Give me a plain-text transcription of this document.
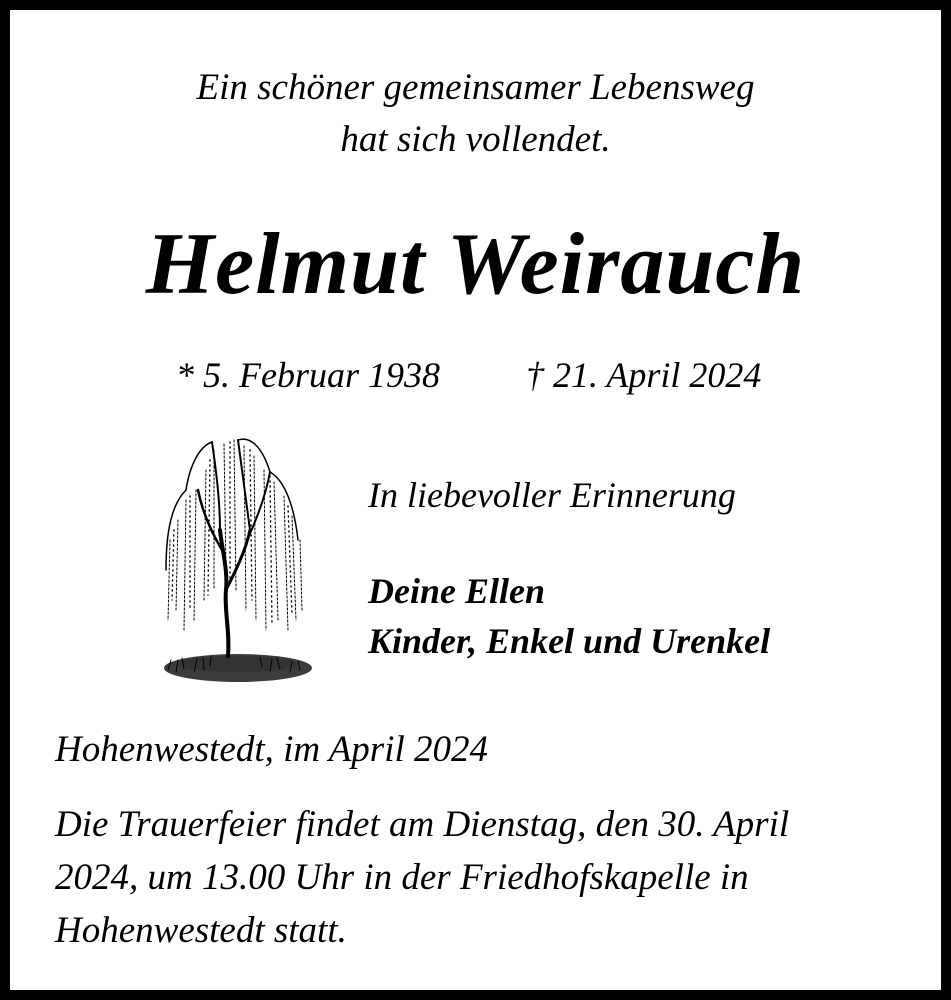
Ein schöner gemeinsamer Lebensweg
hat sich vollendet.

Helmut Weirauch

* 5. Februar 1938 † 21. April 2024

In liebevoller Erinnerung

Deine Ellen

Kinder, Enkel und Urenkel

Hohenwestedt, im April 2024

Die Trauerfeier findet am Dienstag, den 30. April
2024, um 13.00 Uhr in der Friedhofskapelle in
Hohenwestedt statt.
